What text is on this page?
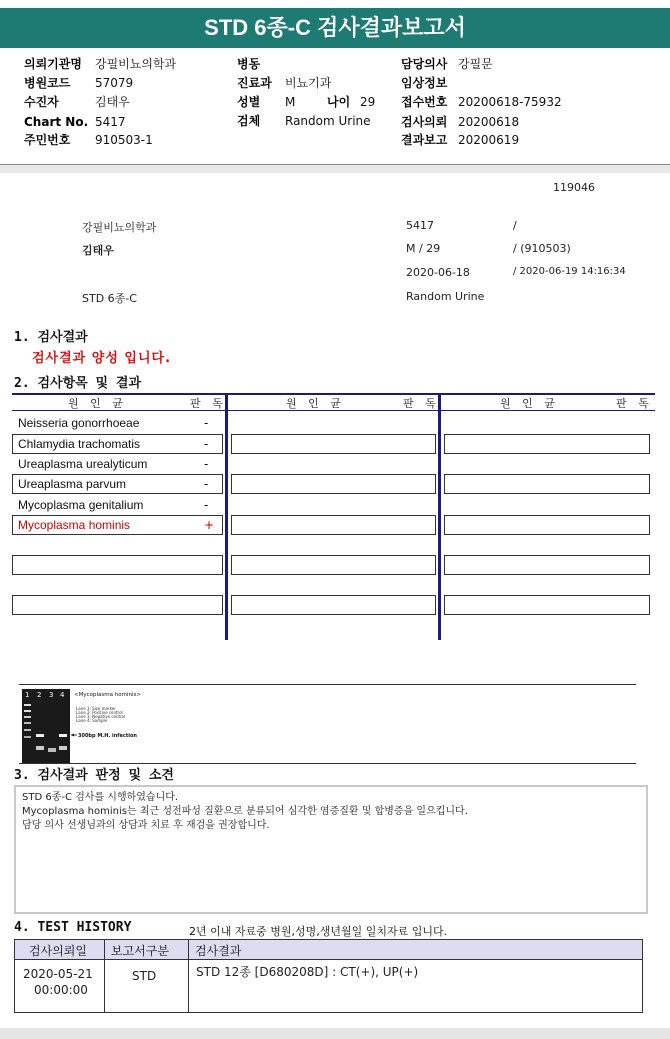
STD 6종-C 검사결과보고서
의뢰기관명 강필비뇨의학과
병원코드 57079
수진자	김태우
Chart No. 5417
주민번호 910503-1
병동
진료과 비뇨기과
성별 M	나이 29
검체 Random Urine
담당의사 강필문
임상정보
접수번호 20200618-75932
검사의뢰 20200618
결과보고 20200619
119046
강필비뇨의학과	5417	/
김태우	M / 29	/ (910503)
2020-06-18	/ 2020-06-19 14:16:34
STD 6종-C	Random Urine
1. 검사결과
검사결과 양성 입니다.
2. 검사항목 및 결과
원 인 균	판 독	원 인 균	판 독	원 인 균	판 독
Neisseria gonorrhoeae	-
Chlamydia trachomatis	-
Ureaplasma urealyticum	-
Ureaplasma parvum	-
Mycoplasma genitalium	-
Mycoplasma hominis	+
1 2 3 4 <Mycoplasma hominis>
Lane 1: Size marker
Lane 2: Positive control
Lane 3: Negative control
Lane 4: Sample
300bp M.H. infection
3. 검사결과 판정 및 소견
STD 6종-C 검사를 시행하였습니다.
Mycoplasma hominis는 최근 성전파성 질환으로 분류되어 심각한 염증질환 및 합병증을 일으킵니다.
담당 의사 선생님과의 상담과 치료 후 재검을 권장합니다.
4. TEST HISTORY	2년 이내 자료중 병원,성명,생년월일 일치자료 입니다.
검사의뢰일 보고서구분 검사결과
2020-05-21
00:00:00
STD	STD 12종 [D680208D] : CT(+), UP(+)
